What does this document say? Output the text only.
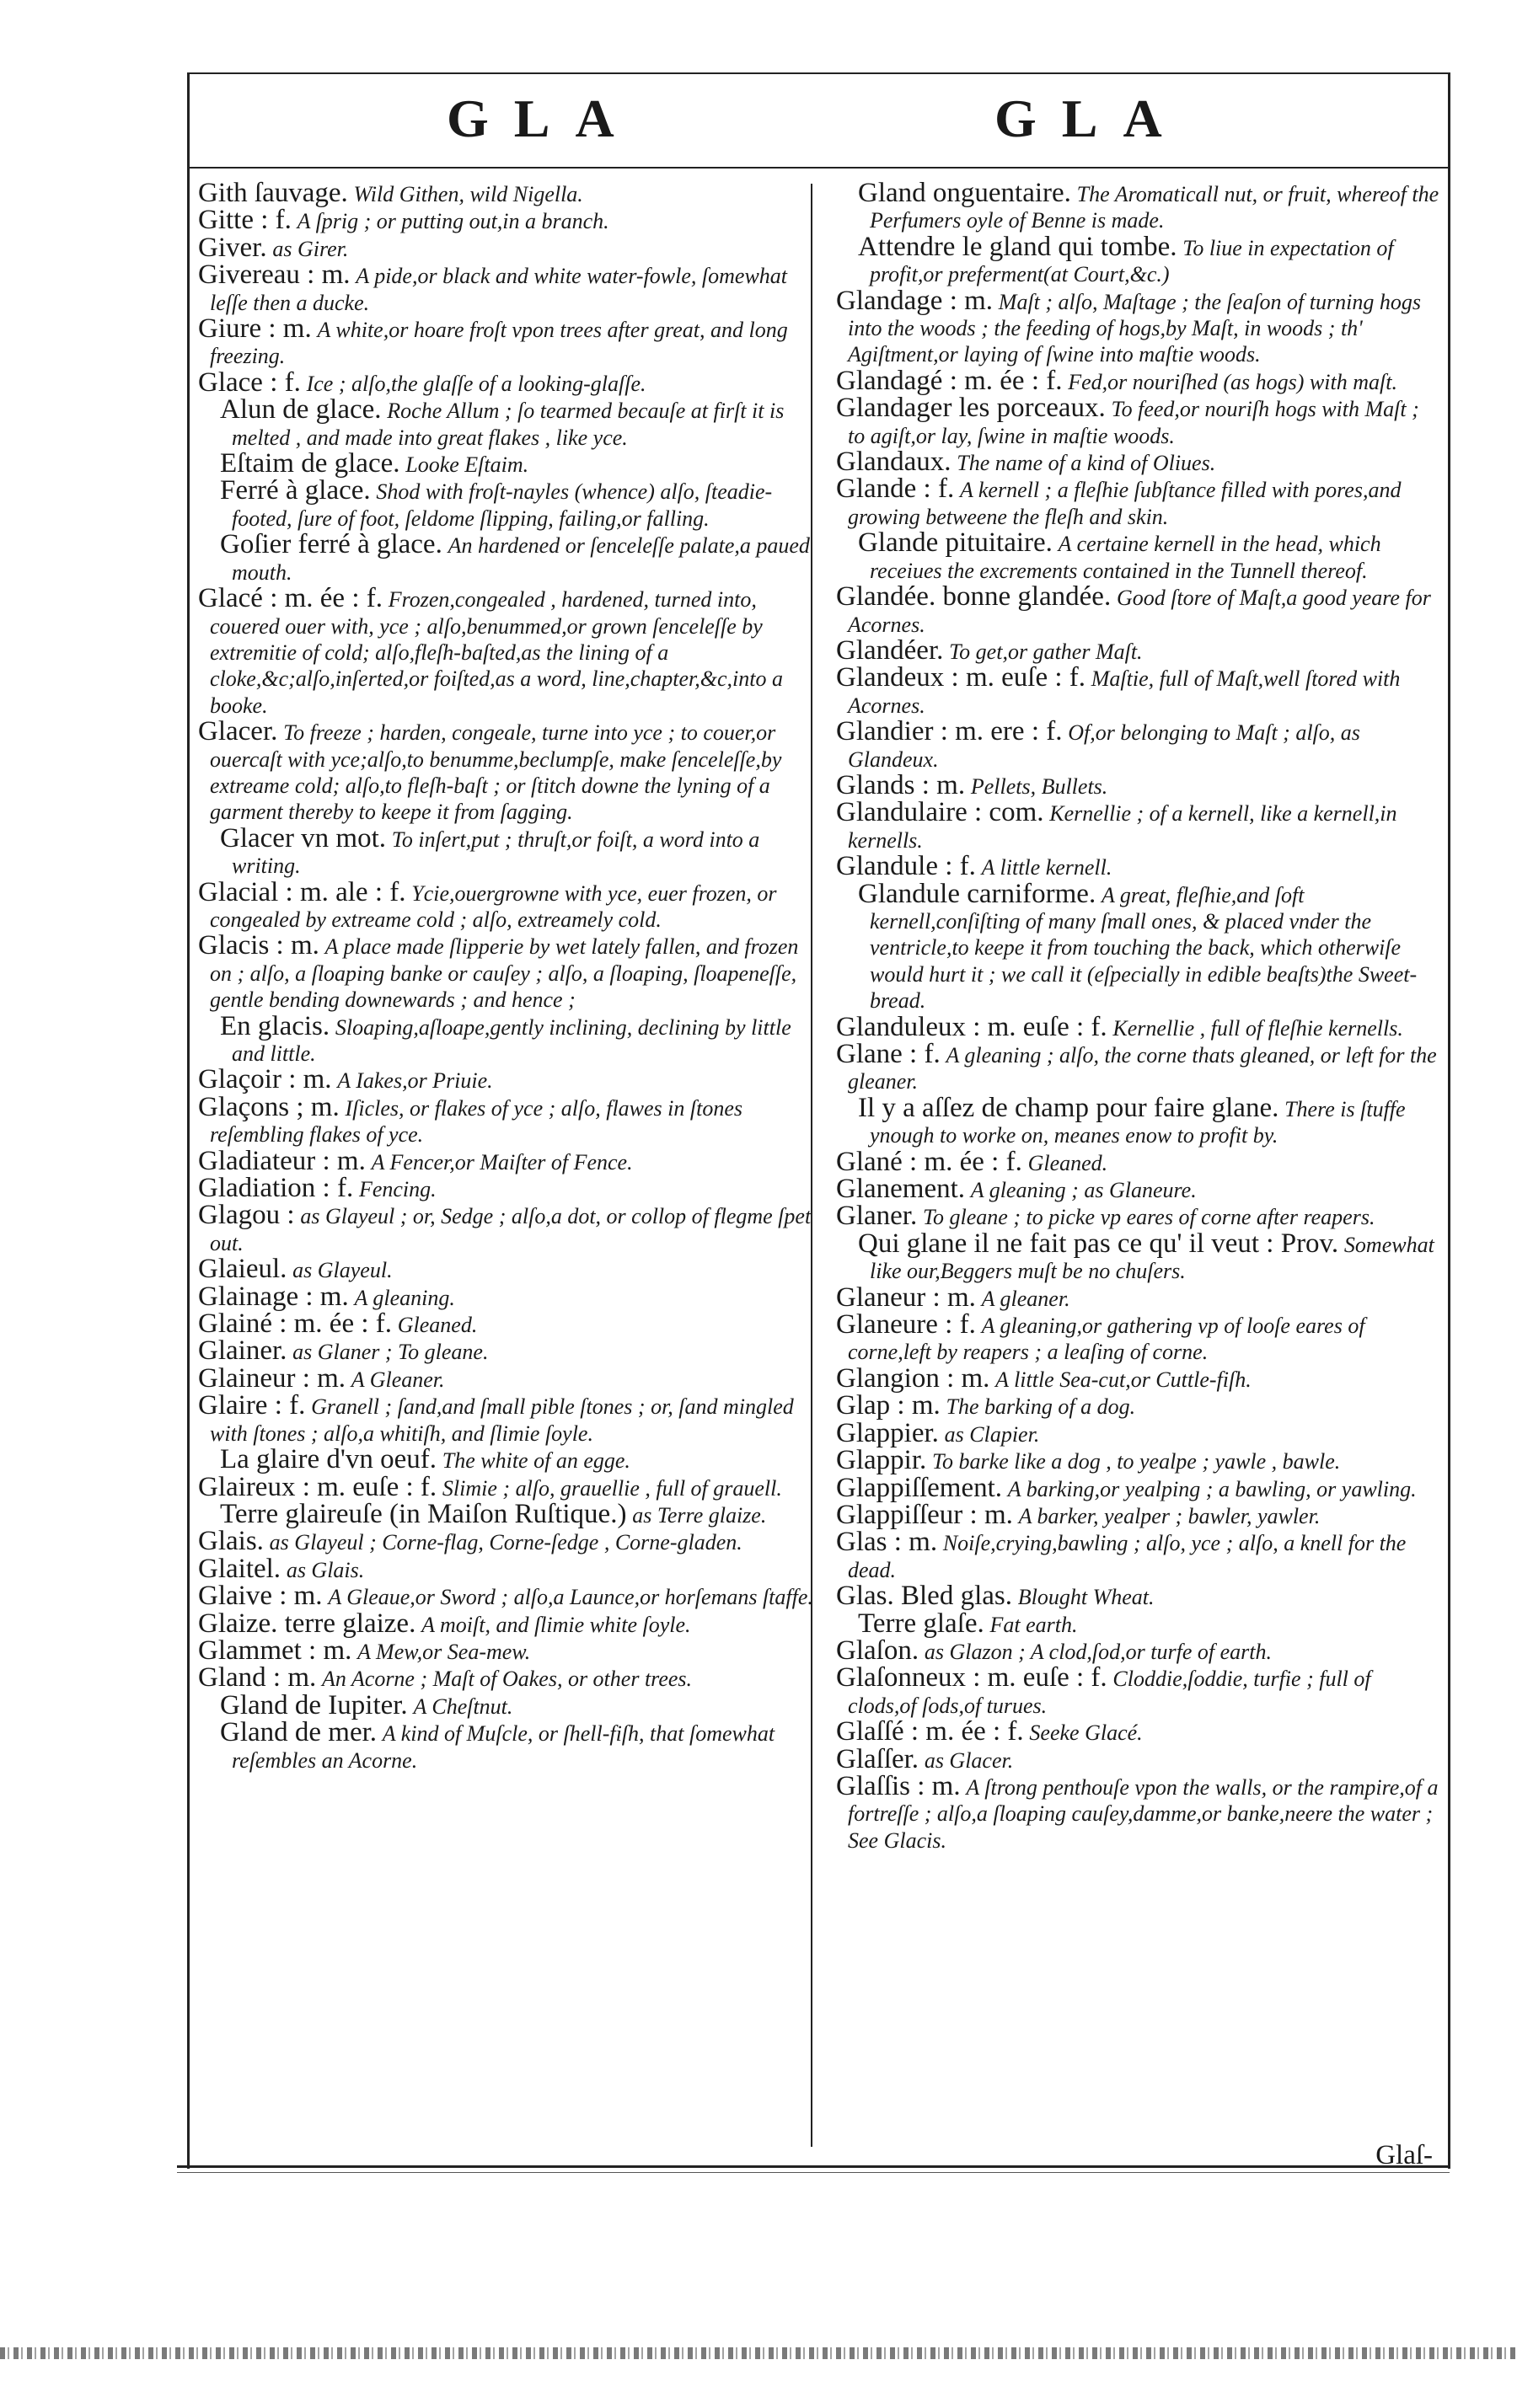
GLA	GLA

Gith ſauvage. Wild Githen, wild Nigella.

Gitte : f. A ſprig ; or putting out,in a branch.

Giver. as Girer.

Givereau : m. A pide,or black and white water-fowle, ſomewhat leſſe then a ducke.

Giure : m. A white,or hoare froſt vpon trees after great, and long freezing.

Glace : f. Ice ; alſo,the glaſſe of a looking-glaſſe.

Alun de glace. Roche Allum ; ſo tearmed becauſe at firſt it is melted , and made into great flakes , like yce.

Eſtaim de glace. Looke Eſtaim.

Ferré à glace. Shod with froſt-nayles (whence) alſo, ſteadie-footed, ſure of foot, ſeldome ſlipping, failing,or falling.

Goſier ferré à glace. An hardened or ſenceleſſe palate,a paued mouth.

Glacé : m. ée : f. Frozen,congealed , hardened, turned into, couered ouer with, yce ; alſo,benummed,or grown ſenceleſſe by extremitie of cold; alſo,fleſh-baſted,as the lining of a cloke,&c;alſo,inſerted,or foiſted,as a word, line,chapter,&c,into a booke.

Glacer. To freeze ; harden, congeale, turne into yce ; to couer,or ouercaſt with yce;alſo,to benumme,beclumpſe, make ſenceleſſe,by extreame cold; alſo,to fleſh-baſt ; or ſtitch downe the lyning of a garment thereby to keepe it from ſagging.

Glacer vn mot. To inſert,put ; thruſt,or foiſt, a word into a writing.

Glacial : m. ale : f. Ycie,ouergrowne with yce, euer frozen, or congealed by extreame cold ; alſo, extreamely cold.

Glacis : m. A place made ſlipperie by wet lately fallen, and frozen on ; alſo, a ſloaping banke or cauſey ; alſo, a ſloaping, ſloapeneſſe, gentle bending downewards ; and hence ;

En glacis. Sloaping,aſloape,gently inclining, declining by little and little.

Glaçoir : m. A Iakes,or Priuie.

Glaçons ; m. Iſicles, or flakes of yce ; alſo, flawes in ſtones reſembling flakes of yce.

Gladiateur : m. A Fencer,or Maiſter of Fence.

Gladiation : f. Fencing.

Glagou : as Glayeul ; or, Sedge ; alſo,a dot, or collop of flegme ſpet out.

Glaieul. as Glayeul.

Glainage : m. A gleaning.

Glainé : m. ée : f. Gleaned.

Glainer. as Glaner ; To gleane.

Glaineur : m. A Gleaner.

Glaire : f. Granell ; ſand,and ſmall pible ſtones ; or, ſand mingled with ſtones ; alſo,a whitiſh, and ſlimie ſoyle.

La glaire d'vn oeuf. The white of an egge.

Glaireux : m. euſe : f. Slimie ; alſo, grauellie , full of grauell.

Terre glaireuſe (in Maiſon Ruſtique.) as Terre glaize.

Glais. as Glayeul ; Corne-flag, Corne-ſedge , Corne-gladen.

Glaitel. as Glais.

Glaive : m. A Gleaue,or Sword ; alſo,a Launce,or horſemans ſtaffe.

Glaize. terre glaize. A moiſt, and ſlimie white ſoyle.

Glammet : m. A Mew,or Sea-mew.

Gland : m. An Acorne ; Maſt of Oakes, or other trees.

Gland de Iupiter. A Cheſtnut.

Gland de mer. A kind of Muſcle, or ſhell-fiſh, that ſomewhat reſembles an Acorne.

Gland onguentaire. The Aromaticall nut, or fruit, whereof the Perfumers oyle of Benne is made.

Attendre le gland qui tombe. To liue in expectation of profit,or preferment(at Court,&c.)

Glandage : m. Maſt ; alſo, Maſtage ; the ſeaſon of turning hogs into the woods ; the feeding of hogs,by Maſt, in woods ; th' Agiſtment,or laying of ſwine into maſtie woods.

Glandagé : m. ée : f. Fed,or nouriſhed (as hogs) with maſt.

Glandager les porceaux. To feed,or nouriſh hogs with Maſt ; to agiſt,or lay, ſwine in maſtie woods.

Glandaux. The name of a kind of Oliues.

Glande : f. A kernell ; a fleſhie ſubſtance filled with pores,and growing betweene the fleſh and skin.

Glande pituitaire. A certaine kernell in the head, which receiues the excrements contained in the Tunnell thereof.

Glandée. bonne glandée. Good ſtore of Maſt,a good yeare for Acornes.

Glandéer. To get,or gather Maſt.

Glandeux : m. euſe : f. Maſtie, full of Maſt,well ſtored with Acornes.

Glandier : m. ere : f. Of,or belonging to Maſt ; alſo, as Glandeux.

Glands : m. Pellets, Bullets.

Glandulaire : com. Kernellie ; of a kernell, like a kernell,in kernells.

Glandule : f. A little kernell.

Glandule carniforme. A great, fleſhie,and ſoft kernell,conſiſting of many ſmall ones, & placed vnder the ventricle,to keepe it from touching the back, which otherwiſe would hurt it ; we call it (eſpecially in edible beaſts)the Sweet-bread.

Glanduleux : m. euſe : f. Kernellie , full of fleſhie kernells.

Glane : f. A gleaning ; alſo, the corne thats gleaned, or left for the gleaner.

Il y a aſſez de champ pour faire glane. There is ſtuffe ynough to worke on, meanes enow to profit by.

Glané : m. ée : f. Gleaned.

Glanement. A gleaning ; as Glaneure.

Glaner. To gleane ; to picke vp eares of corne after reapers.

Qui glane il ne fait pas ce qu' il veut : Prov. Somewhat like our,Beggers muſt be no chuſers.

Glaneur : m. A gleaner.

Glaneure : f. A gleaning,or gathering vp of looſe eares of corne,left by reapers ; a leaſing of corne.

Glangion : m. A little Sea-cut,or Cuttle-fiſh.

Glap : m. The barking of a dog.

Glappier. as Clapier.

Glappir. To barke like a dog , to yealpe ; yawle , bawle.

Glappiſſement. A barking,or yealping ; a bawling, or yawling.

Glappiſſeur : m. A barker, yealper ; bawler, yawler.

Glas : m. Noiſe,crying,bawling ; alſo, yce ; alſo, a knell for the dead.

Glas. Bled glas. Blought Wheat.

Terre glaſe. Fat earth.

Glaſon. as Glazon ; A clod,ſod,or turfe of earth.

Glaſonneux : m. euſe : f. Cloddie,ſoddie, turfie ; full of clods,of ſods,of turues.

Glaſſé : m. ée : f. Seeke Glacé.

Glaſſer. as Glacer.

Glaſſis : m. A ſtrong penthouſe vpon the walls, or the rampire,of a fortreſſe ; alſo,a ſloaping cauſey,damme,or banke,neere the water ; See Glacis.

Glaſ-
